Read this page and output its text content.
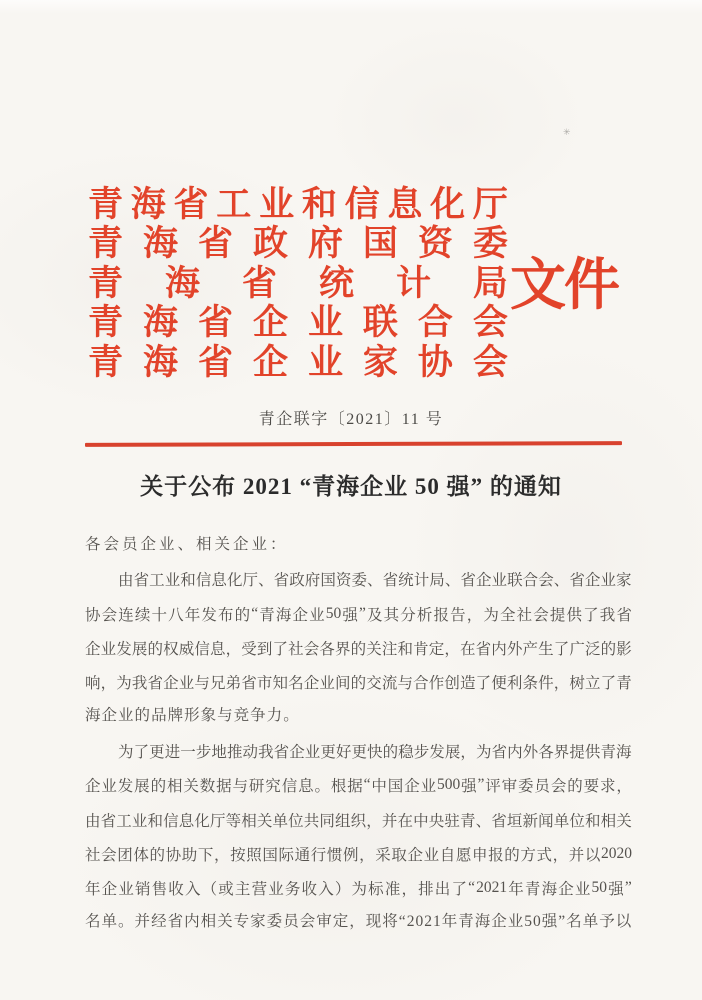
✳
青 海 省 工 业 和 信 息 化 厅
青 海 省 政 府 国 资 委
青 海 省 统 计 局
青 海 省 企 业 联 合 会
青 海 省 企 业 家 协 会
文件
青企联字〔2021〕11 号
关于公布 2021 “青海企业 50 强” 的通知
各会员企业、相关企业：
由 省 工 业 和 信 息 化 厅 、 省 政 府 国 资 委 、 省 统 计 局 、 省 企 业 联 合 会 、 省 企 业 家
协 会 连 续 十 八 年 发 布 的 “ 青 海 企 业 50 强 ” 及 其 分 析 报 告 ， 为 全 社 会 提 供 了 我 省
企 业 发 展 的 权 威 信 息 ， 受 到 了 社 会 各 界 的 关 注 和 肯 定 ， 在 省 内 外 产 生 了 广 泛 的 影
响 ， 为 我 省 企 业 与 兄 弟 省 市 知 名 企 业 间 的 交 流 与 合 作 创 造 了 便 利 条 件 ， 树 立 了 青
海企业的品牌形象与竞争力。
为 了 更 进 一 步 地 推 动 我 省 企 业 更 好 更 快 的 稳 步 发 展 ， 为 省 内 外 各 界 提 供 青 海
企 业 发 展 的 相 关 数 据 与 研 究 信 息 。 根 据 “ 中 国 企 业 500 强 ” 评 审 委 员 会 的 要 求 ，
由 省 工 业 和 信 息 化 厅 等 相 关 单 位 共 同 组 织 ， 并 在 中 央 驻 青 、 省 垣 新 闻 单 位 和 相 关
社 会 团 体 的 协 助 下 ， 按 照 国 际 通 行 惯 例 ， 采 取 企 业 自 愿 申 报 的 方 式 ， 并 以 2020
年 企 业 销 售 收 入 （ 或 主 营 业 务 收 入 ） 为 标 准 ， 排 出 了 “ 2021 年 青 海 企 业 50 强 ”
名单。并经省内相关专家委员会审定，现将“2021年青海企业50强”名单予以
